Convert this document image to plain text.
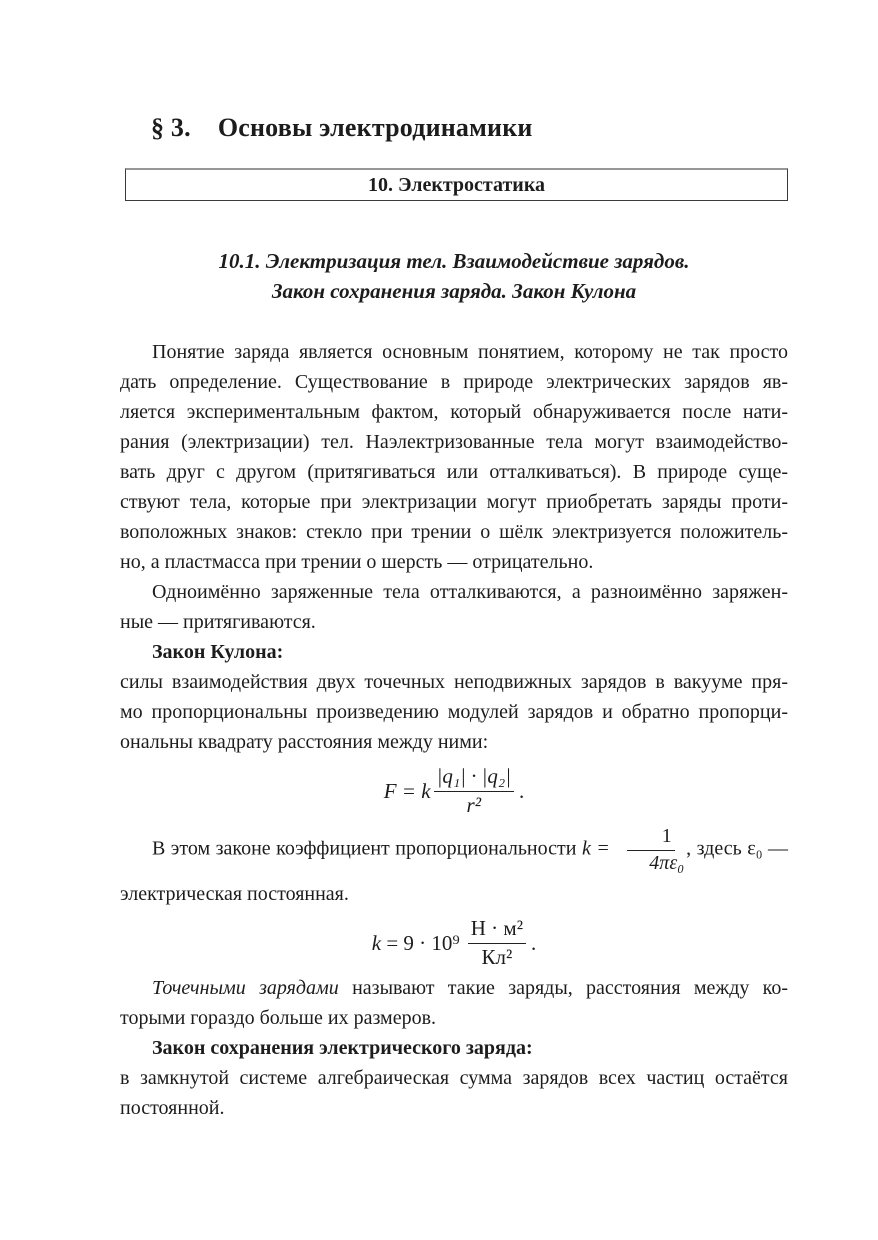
§ 3. Основы электродинамики
10. Электростатика
10.1. Электризация тел. Взаимодействие зарядов.
Закон сохранения заряда. Закон Кулона
Понятие заряда является основным понятием, которому не так просто
дать определение. Существование в природе электрических зарядов яв-
ляется экспериментальным фактом, который обнаруживается после нати-
рания (электризации) тел. Наэлектризованные тела могут взаимодейство-
вать друг с другом (притягиваться или отталкиваться). В природе суще-
ствуют тела, которые при электризации могут приобретать заряды проти-
воположных знаков: стекло при трении о шёлк электризуется положитель-
но, а пластмасса при трении о шерсть — отрицательно.
Одноимённо заряженные тела отталкиваются, а разноимённо заряжен-
ные — притягиваются.
Закон Кулона:
силы взаимодействия двух точечных неподвижных зарядов в вакууме пря-
мо пропорциональны произведению модулей зарядов и обратно пропорци-
ональны квадрату расстояния между ними:
F = k $\frac{\text{|q₁| · |q₂|}}{\text{r²}}$ .
В этом законе коэффициент пропорциональности $k = \frac{1}{\text{4πε₀}}$ , здесь ε₀ —
электрическая постоянная.
k
= $9 \cdot 10^9 \frac{\text{Н · м²}}{\text{Кл²}}$ .
Точечными зарядами называют такие заряды, расстояния между ко-
торыми гораздо больше их размеров.
Закон сохранения электрического заряда:
в замкнутой системе алгебраическая сумма зарядов всех частиц остаётся
постоянной.
